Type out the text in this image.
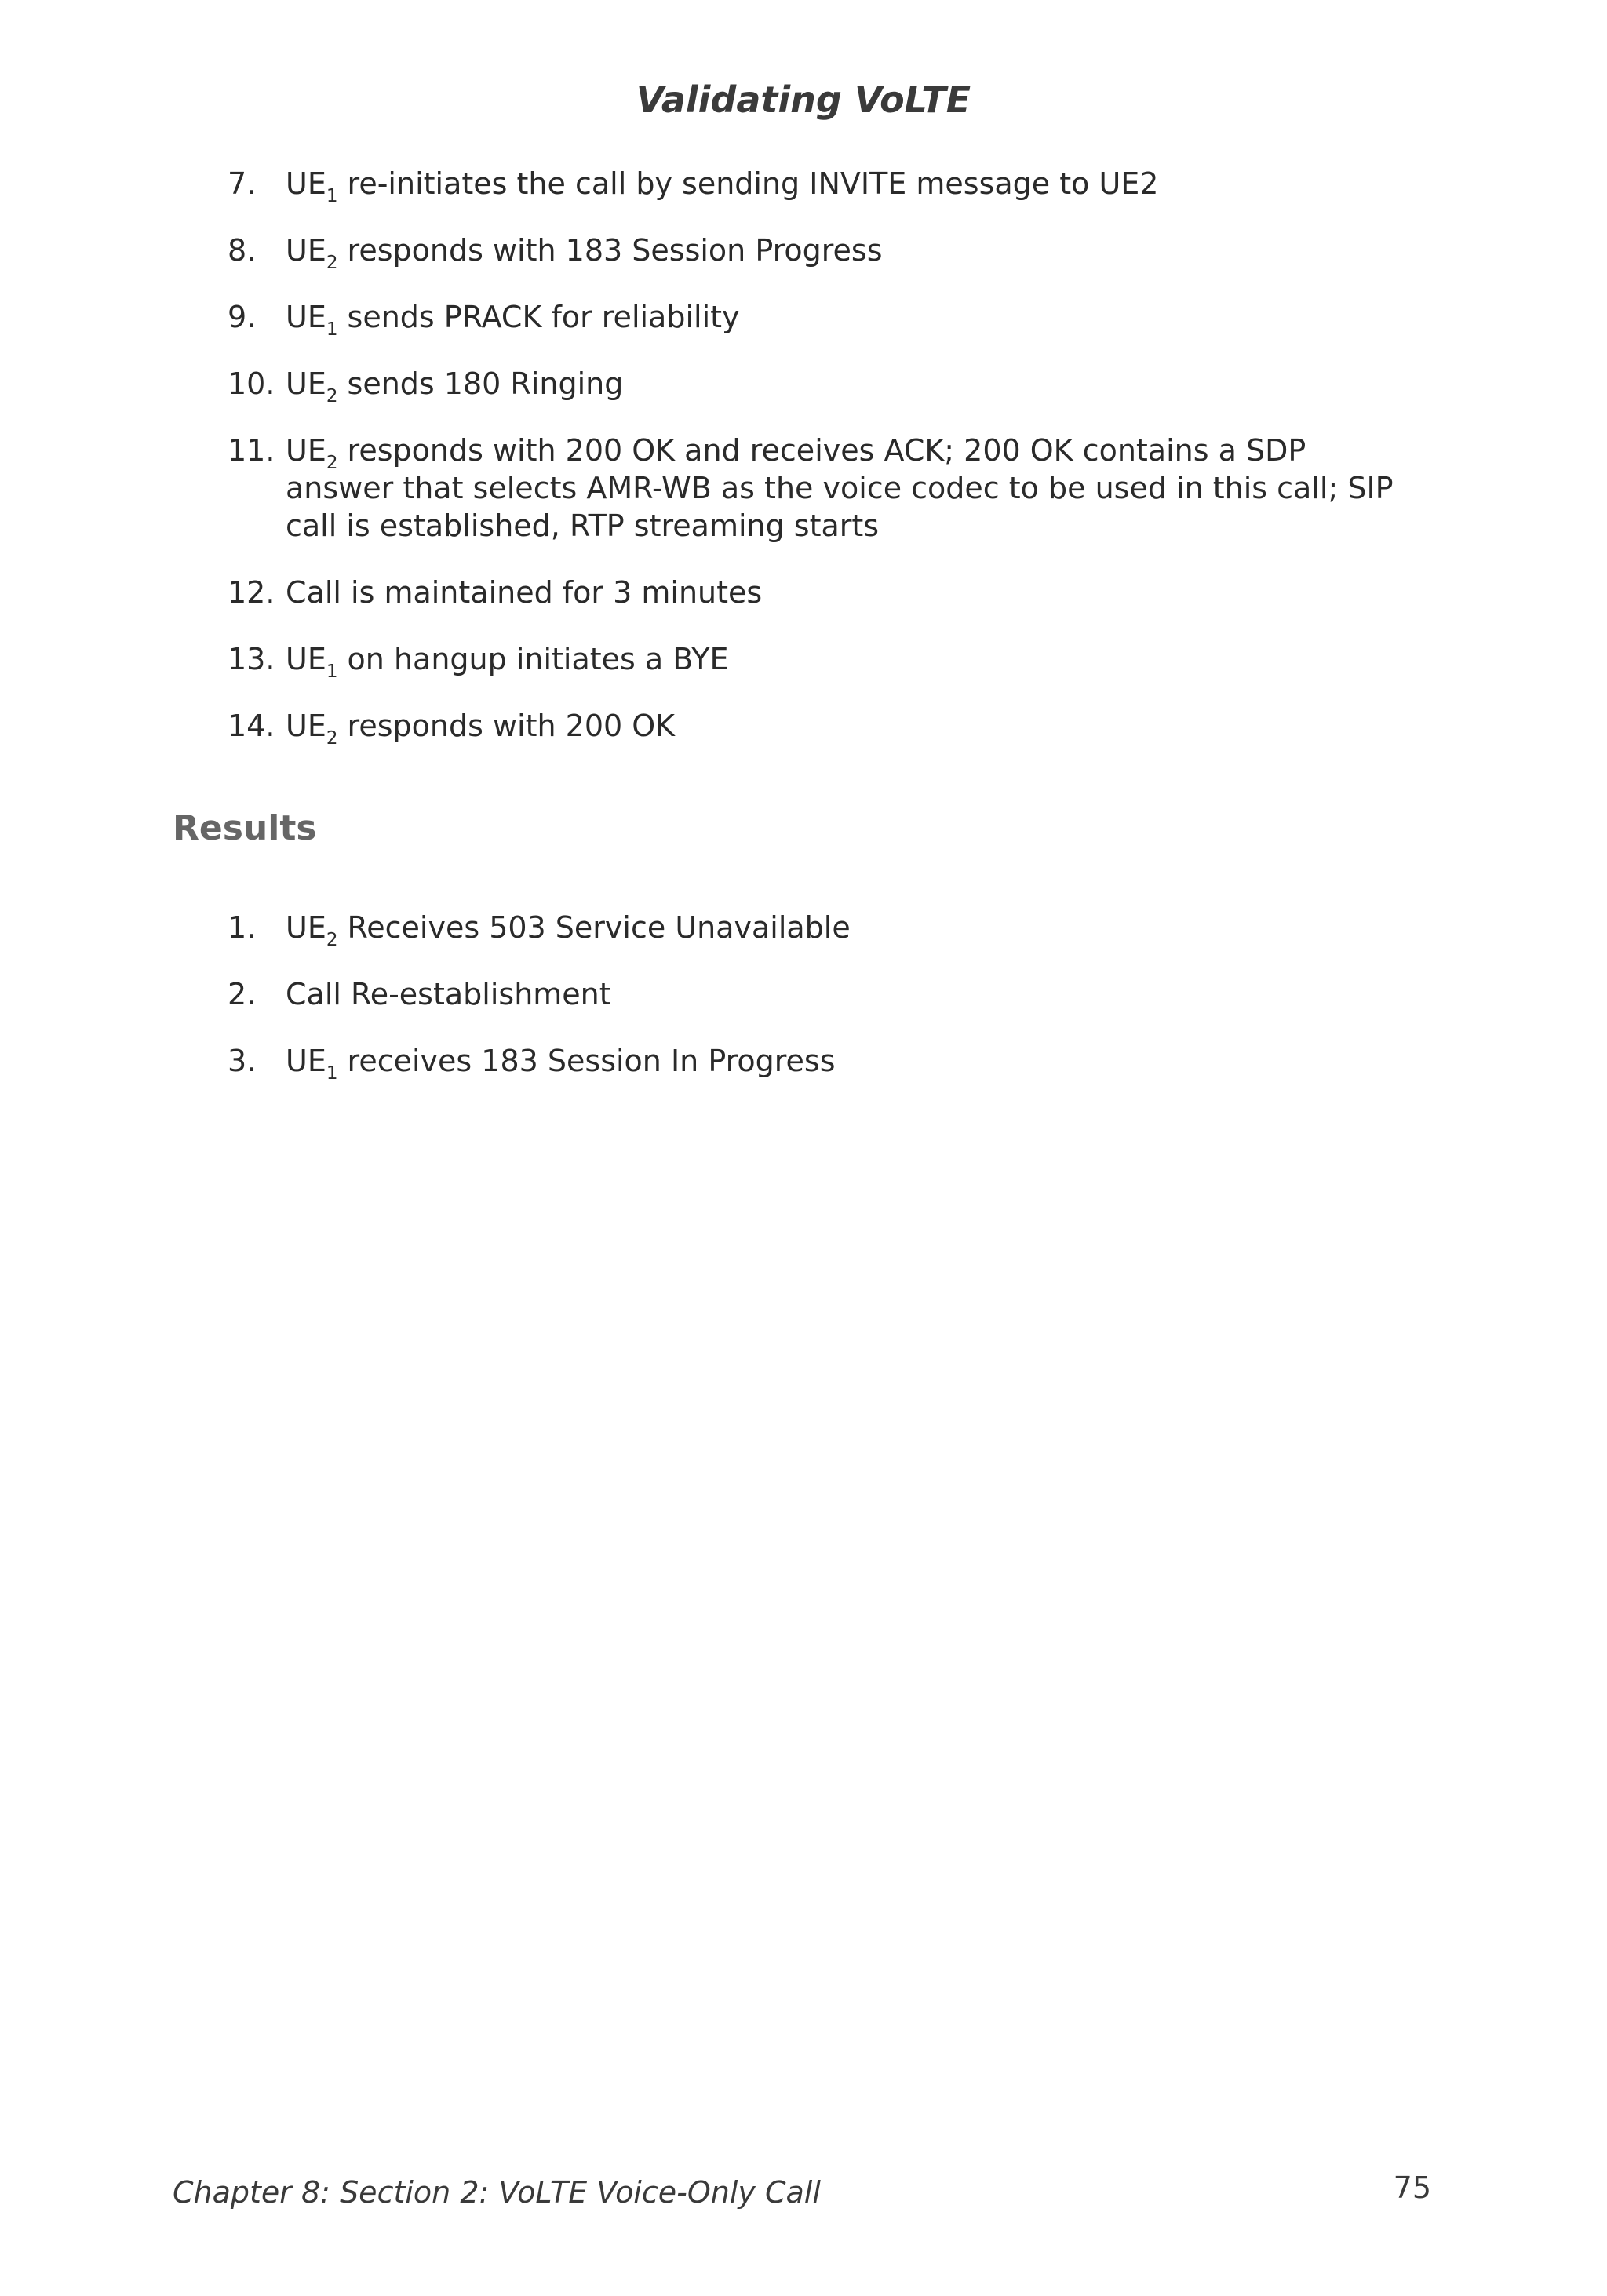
Validating VoLTE
7. $UE_1$ re-initiates the call by sending INVITE message to UE2
8. $UE_2$ responds with 183 Session Progress
9. $UE_1$ sends PRACK for reliability
10. $UE_2$ sends 180 Ringing
11. $UE_2$ responds with 200 OK and receives ACK; 200 OK contains a SDP answer that selects AMR-WB as the voice codec to be used in this call; SIP call is established, RTP streaming starts
12. Call is maintained for 3 minutes
13. $UE_1$ on hangup initiates a BYE
14. $UE_2$ responds with 200 OK
Results
1. $UE_2$ Receives 503 Service Unavailable
2. Call Re-establishment
3. $UE_1$ receives 183 Session In Progress

Chapter 8: Section 2: VoLTE Voice-Only Call	75
